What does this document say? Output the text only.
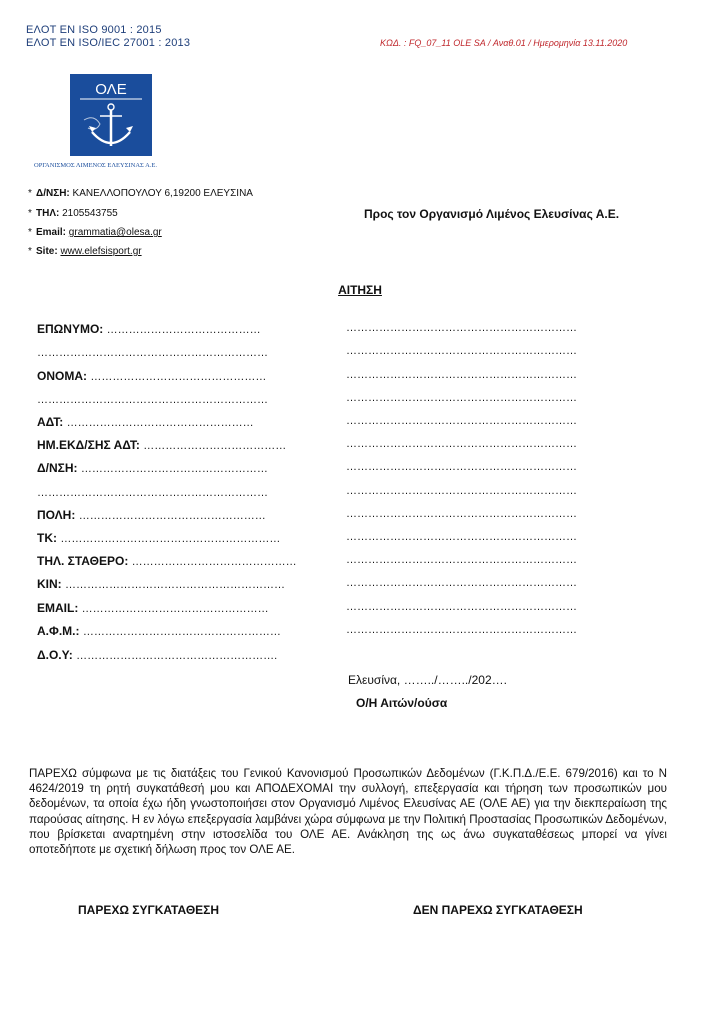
ΕΛΟΤ ΕΝ ISO 9001 : 2015
ΕΛΟΤ ΕΝ ISO/IEC 27001 : 2013	ΚΩΔ. : FQ_07_11 OLE SA / Αναθ.01 / Ημερομηνία 13.11.2020
ΟΛΕ
ΟΡΓΑΝΙΣΜΟΣ ΛΙΜΕΝΟΣ ΕΛΕΥΣΙΝΑΣ Α.Ε.
* Δ/ΝΣΗ: ΚΑΝΕΛΛΟΠΟΥΛΟΥ 6,19200 ΕΛΕΥΣΙΝΑ
* ΤΗΛ: 2105543755
* Email: grammatia@olesa.gr
* Site: www.elefsisport.gr
Προς τον Οργανισμό Λιμένος Ελευσίνας Α.Ε.
ΑΙΤΗΣΗ
ΕΠΩΝΥΜΟ: ……………………………………	………………………………………………………
………………………………………………………	………………………………………………………
ΟΝΟΜΑ: …………………………………………	………………………………………………………
………………………………………………………	………………………………………………………
ΑΔΤ: ……………………………………………	………………………………………………………
ΗΜ.ΕΚΔ/ΣΗΣ ΑΔΤ: …………………………………	………………………………………………………
Δ/ΝΣΗ: ……………………………………………	………………………………………………………
………………………………………………………	………………………………………………………
ΠΟΛΗ: ……………………………………………	………………………………………………………
ΤΚ: ……………………………………………………	………………………………………………………
ΤΗΛ. ΣΤΑΘΕΡΟ: ………………………………………	………………………………………………………
ΚΙΝ: ……………………………………………………	………………………………………………………
EMAIL: ……………………………………………	………………………………………………………
Α.Φ.Μ.: ………………………………………………	………………………………………………………
Δ.Ο.Υ: ……………………………………………….
Ελευσίνα, ……../……../202….
Ο/Η Αιτών/ούσα
ΠΑΡΕΧΩ σύμφωνα με τις διατάξεις του Γενικού Κανονισμού Προσωπικών Δεδομένων (Γ.Κ.Π.Δ./Ε.Ε. 679/2016) και το Ν 4624/2019 τη ρητή συγκατάθεσή μου και ΑΠΟΔΕΧΟΜΑΙ την συλλογή, επεξεργασία και τήρηση των προσωπικών μου δεδομένων, τα οποία έχω ήδη γνωστοποιήσει στον Οργανισμό Λιμένος Ελευσίνας ΑΕ (ΟΛΕ ΑΕ) για την διεκπεραίωση της παρούσας αίτησης. Η εν λόγω επεξεργασία λαμβάνει χώρα σύμφωνα με την Πολιτική Προστασίας Προσωπικών Δεδομένων, που βρίσκεται αναρτημένη στην ιστοσελίδα του ΟΛΕ ΑΕ. Ανάκληση της ως άνω συγκαταθέσεως μπορεί να γίνει οποτεδήποτε με σχετική δήλωση προς τον ΟΛΕ ΑΕ.
ΠΑΡΕΧΩ ΣΥΓΚΑΤΑΘΕΣΗ	ΔΕΝ ΠΑΡΕΧΩ ΣΥΓΚΑΤΑΘΕΣΗ
